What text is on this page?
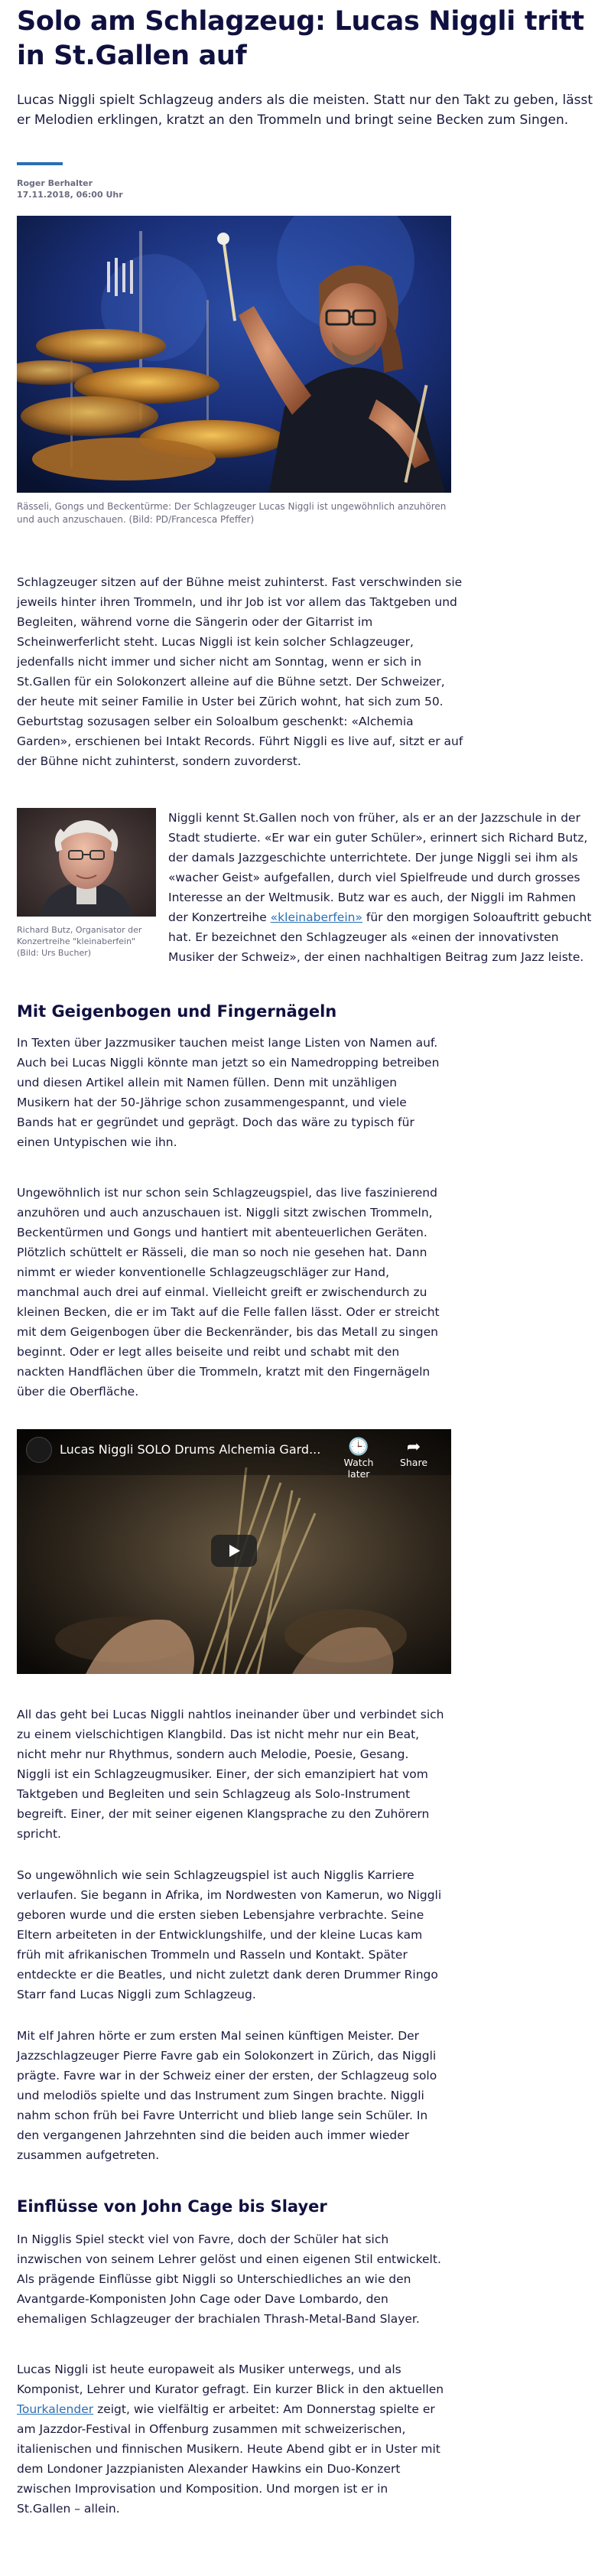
Solo am Schlagzeug: Lucas Niggli tritt in St.Gallen auf

Lucas Niggli spielt Schlagzeug anders als die meisten. Statt nur den Takt zu geben, lässt er Melodien erklingen, kratzt an den Trommeln und bringt seine Becken zum Singen.

Roger Berhalter
17.11.2018, 06:00 Uhr

Rässeli, Gongs und Beckentürme: Der Schlagzeuger Lucas Niggli ist ungewöhnlich anzuhören und auch anzuschauen. (Bild: PD/Francesca Pfeffer)

Schlagzeuger sitzen auf der Bühne meist zuhinterst. Fast verschwinden sie jeweils hinter ihren Trommeln, und ihr Job ist vor allem das Taktgeben und Begleiten, während vorne die Sängerin oder der Gitarrist im Scheinwerferlicht steht. Lucas Niggli ist kein solcher Schlagzeuger, jedenfalls nicht immer und sicher nicht am Sonntag, wenn er sich in St.Gallen für ein Solokonzert alleine auf die Bühne setzt. Der Schweizer, der heute mit seiner Familie in Uster bei Zürich wohnt, hat sich zum 50. Geburtstag sozusagen selber ein Soloalbum geschenkt: «Alchemia Garden», erschienen bei Intakt Records. Führt Niggli es live auf, sitzt er auf der Bühne nicht zuhinterst, sondern zuvorderst.

Richard Butz, Organisator der Konzertreihe "kleinaberfein" (Bild: Urs Bucher)

Niggli kennt St.Gallen noch von früher, als er an der Jazzschule in der Stadt studierte. «Er war ein guter Schüler», erinnert sich Richard Butz, der damals Jazzgeschichte unterrichtete. Der junge Niggli sei ihm als «wacher Geist» aufgefallen, durch viel Spielfreude und durch grosses Interesse an der Weltmusik. Butz war es auch, der Niggli im Rahmen der Konzertreihe «kleinaberfein» für den morgigen Soloauftritt gebucht hat. Er bezeichnet den Schlagzeuger als «einen der innovativsten Musiker der Schweiz», der einen nachhaltigen Beitrag zum Jazz leiste.

Mit Geigenbogen und Fingernägeln

In Texten über Jazzmusiker tauchen meist lange Listen von Namen auf. Auch bei Lucas Niggli könnte man jetzt so ein Namedropping betreiben und diesen Artikel allein mit Namen füllen. Denn mit unzähligen Musikern hat der 50-Jährige schon zusammengespannt, und viele Bands hat er gegründet und geprägt. Doch das wäre zu typisch für einen Untypischen wie ihn.

Ungewöhnlich ist nur schon sein Schlagzeugspiel, das live faszinierend anzuhören und auch anzuschauen ist. Niggli sitzt zwischen Trommeln, Beckentürmen und Gongs und hantiert mit abenteuerlichen Geräten. Plötzlich schüttelt er Rässeli, die man so noch nie gesehen hat. Dann nimmt er wieder konventionelle Schlagzeugschläger zur Hand, manchmal auch drei auf einmal. Vielleicht greift er zwischendurch zu kleinen Becken, die er im Takt auf die Felle fallen lässt. Oder er streicht mit dem Geigenbogen über die Beckenränder, bis das Metall zu singen beginnt. Oder er legt alles beiseite und reibt und schabt mit den nackten Handflächen über die Trommeln, kratzt mit den Fingernägeln über die Oberfläche.

Lucas Niggli SOLO Drums Alchemia Gard...	🕒
Watch later
➦
Share

All das geht bei Lucas Niggli nahtlos ineinander über und verbindet sich zu einem vielschichtigen Klangbild. Das ist nicht mehr nur ein Beat, nicht mehr nur Rhythmus, sondern auch Melodie, Poesie, Gesang. Niggli ist ein Schlagzeugmusiker. Einer, der sich emanzipiert hat vom Taktgeben und Begleiten und sein Schlagzeug als Solo-Instrument begreift. Einer, der mit seiner eigenen Klangsprache zu den Zuhörern spricht.

So ungewöhnlich wie sein Schlagzeugspiel ist auch Nigglis Karriere verlaufen. Sie begann in Afrika, im Nordwesten von Kamerun, wo Niggli geboren wurde und die ersten sieben Lebensjahre verbrachte. Seine Eltern arbeiteten in der Entwicklungshilfe, und der kleine Lucas kam früh mit afrikanischen Trommeln und Rasseln und Kontakt. Später entdeckte er die Beatles, und nicht zuletzt dank deren Drummer Ringo Starr fand Lucas Niggli zum Schlagzeug.

Mit elf Jahren hörte er zum ersten Mal seinen künftigen Meister. Der Jazzschlagzeuger Pierre Favre gab ein Solokonzert in Zürich, das Niggli prägte. Favre war in der Schweiz einer der ersten, der Schlagzeug solo und melodiös spielte und das Instrument zum Singen brachte. Niggli nahm schon früh bei Favre Unterricht und blieb lange sein Schüler. In den vergangenen Jahrzehnten sind die beiden auch immer wieder zusammen aufgetreten.

Einflüsse von John Cage bis Slayer

In Nigglis Spiel steckt viel von Favre, doch der Schüler hat sich inzwischen von seinem Lehrer gelöst und einen eigenen Stil entwickelt. Als prägende Einflüsse gibt Niggli so Unterschiedliches an wie den Avantgarde-Komponisten John Cage oder Dave Lombardo, den ehemaligen Schlagzeuger der brachialen Thrash-Metal-Band Slayer.

Lucas Niggli ist heute europaweit als Musiker unterwegs, und als Komponist, Lehrer und Kurator gefragt. Ein kurzer Blick in den aktuellen Tourkalender zeigt, wie vielfältig er arbeitet: Am Donnerstag spielte er am Jazzdor-Festival in Offenburg zusammen mit schweizerischen, italienischen und finnischen Musikern. Heute Abend gibt er in Uster mit dem Londoner Jazzpianisten Alexander Hawkins ein Duo-Konzert zwischen Improvisation und Komposition. Und morgen ist er in St.Gallen – allein.
